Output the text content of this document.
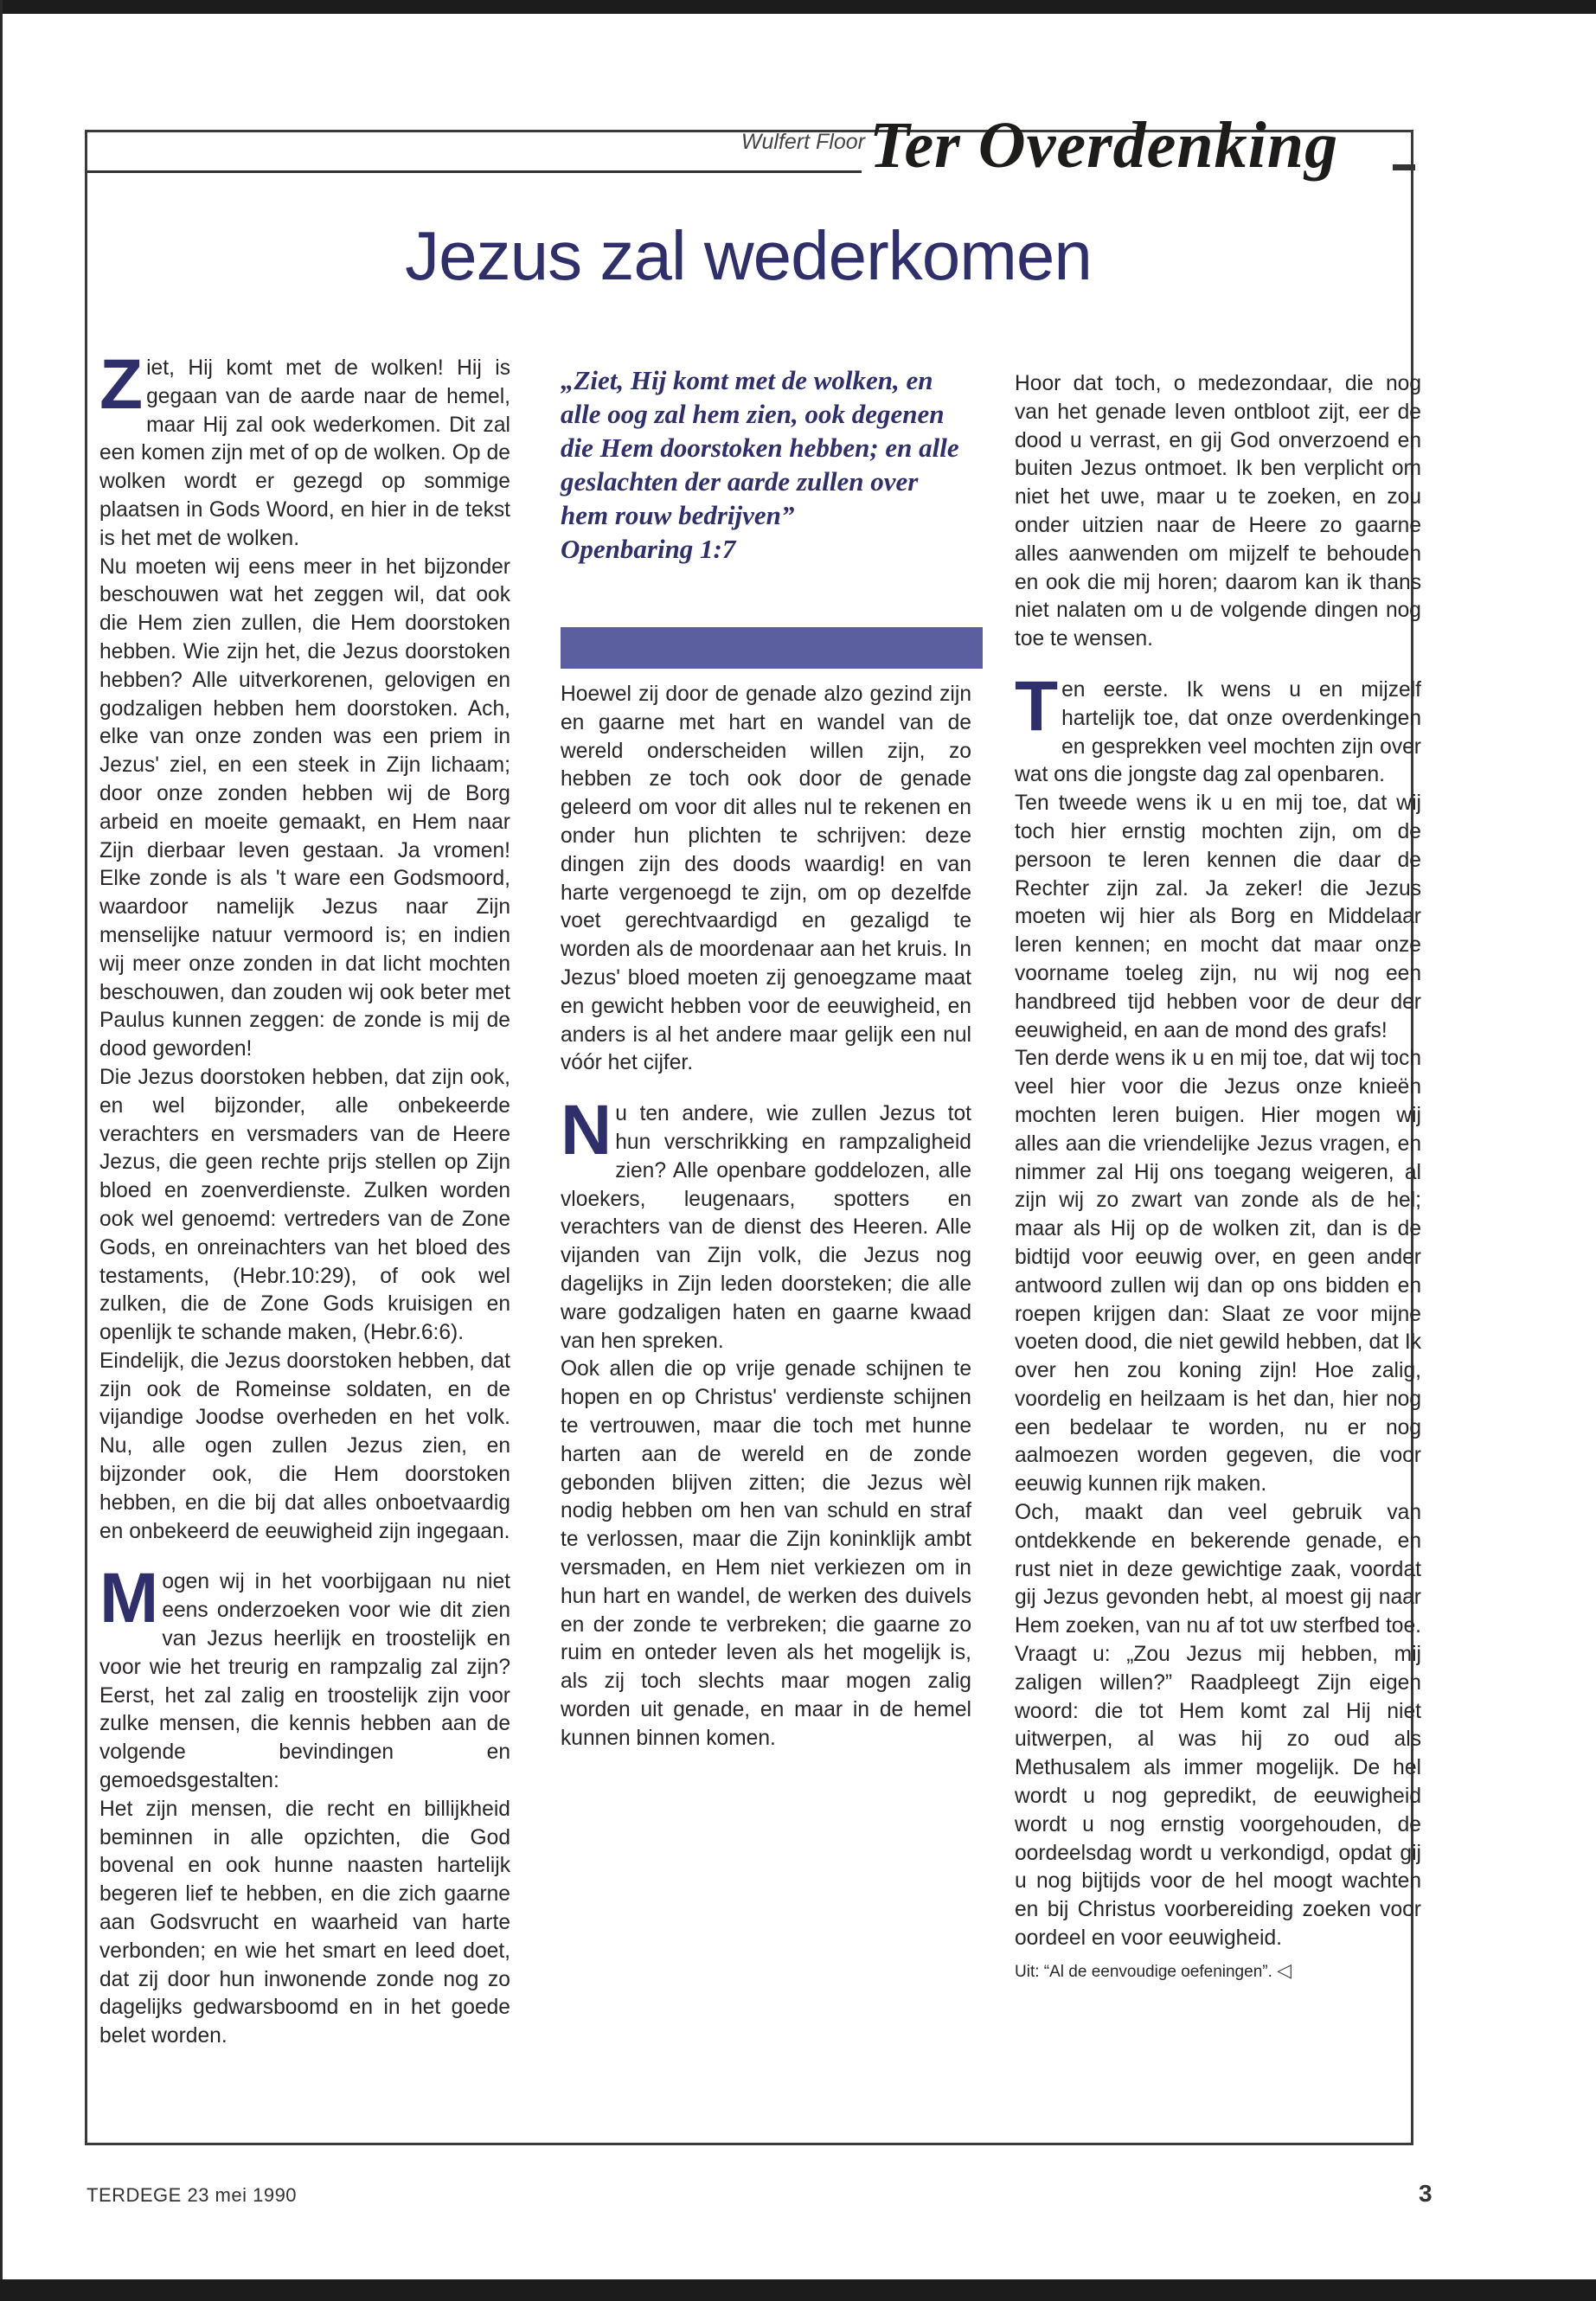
Wulfert Floor Ter Overdenking
Jezus zal wederkomen

Ziet, Hij komt met de wolken! Hij is gegaan van de aarde naar de hemel, maar Hij zal ook wederkomen. Dit zal een komen zijn met of op de wolken. Op de wolken wordt er gezegd op sommige plaatsen in Gods Woord, en hier in de tekst is het met de wolken.

Nu moeten wij eens meer in het bijzonder beschouwen wat het zeggen wil, dat ook die Hem zien zullen, die Hem doorstoken hebben. Wie zijn het, die Jezus doorstoken hebben? Alle uitverkorenen, gelovigen en godzaligen hebben hem doorstoken. Ach, elke van onze zonden was een priem in Jezus' ziel, en een steek in Zijn lichaam; door onze zonden hebben wij de Borg arbeid en moeite gemaakt, en Hem naar Zijn dierbaar leven gestaan. Ja vromen! Elke zonde is als 't ware een Godsmoord, waardoor namelijk Jezus naar Zijn menselijke natuur vermoord is; en indien wij meer onze zonden in dat licht mochten beschouwen, dan zouden wij ook beter met Paulus kunnen zeggen: de zonde is mij de dood geworden!

Die Jezus doorstoken hebben, dat zijn ook, en wel bijzonder, alle onbekeerde verachters en versmaders van de Heere Jezus, die geen rechte prijs stellen op Zijn bloed en zoenverdienste. Zulken worden ook wel genoemd: vertreders van de Zone Gods, en onreinachters van het bloed des testaments, (Hebr.10:29), of ook wel zulken, die de Zone Gods kruisigen en openlijk te schande maken, (Hebr.6:6).

Eindelijk, die Jezus doorstoken hebben, dat zijn ook de Romeinse soldaten, en de vijandige Joodse overheden en het volk. Nu, alle ogen zullen Jezus zien, en bijzonder ook, die Hem doorstoken hebben, en die bij dat alles onboetvaardig en onbekeerd de eeuwigheid zijn ingegaan.

Mogen wij in het voorbijgaan nu niet eens onderzoeken voor wie dit zien van Jezus heerlijk en troostelijk en voor wie het treurig en rampzalig zal zijn? Eerst, het zal zalig en troostelijk zijn voor zulke mensen, die kennis hebben aan de volgende bevindingen en gemoedsgestalten:

Het zijn mensen, die recht en billijkheid beminnen in alle opzichten, die God bovenal en ook hunne naasten hartelijk begeren lief te hebben, en die zich gaarne aan Godsvrucht en waarheid van harte verbonden; en wie het smart en leed doet, dat zij door hun inwonende zonde nog zo dagelijks gedwarsboomd en in het goede belet worden.

„Ziet, Hij komt met de wolken, en alle oog zal hem zien, ook degenen die Hem doorstoken hebben; en alle geslachten der aarde zullen over hem rouw bedrijven”
Openbaring 1:7

Hoewel zij door de genade alzo gezind zijn en gaarne met hart en wandel van de wereld onderscheiden willen zijn, zo hebben ze toch ook door de genade geleerd om voor dit alles nul te rekenen en onder hun plichten te schrijven: deze dingen zijn des doods waardig! en van harte vergenoegd te zijn, om op dezelfde voet gerechtvaardigd en gezaligd te worden als de moordenaar aan het kruis. In Jezus' bloed moeten zij genoegzame maat en gewicht hebben voor de eeuwigheid, en anders is al het andere maar gelijk een nul vóór het cijfer.

Nu ten andere, wie zullen Jezus tot hun verschrikking en rampzaligheid zien? Alle openbare goddelozen, alle vloekers, leugenaars, spotters en verachters van de dienst des Heeren. Alle vijanden van Zijn volk, die Jezus nog dagelijks in Zijn leden doorsteken; die alle ware godzaligen haten en gaarne kwaad van hen spreken.

Ook allen die op vrije genade schijnen te hopen en op Christus' verdienste schijnen te vertrouwen, maar die toch met hunne harten aan de wereld en de zonde gebonden blijven zitten; die Jezus wèl nodig hebben om hen van schuld en straf te verlossen, maar die Zijn koninklijk ambt versmaden, en Hem niet verkiezen om in hun hart en wandel, de werken des duivels en der zonde te verbreken; die gaarne zo ruim en onteder leven als het mogelijk is, als zij toch slechts maar mogen zalig worden uit genade, en maar in de hemel kunnen binnen komen.

Hoor dat toch, o medezondaar, die nog van het genade leven ontbloot zijt, eer de dood u verrast, en gij God onverzoend en buiten Jezus ontmoet. Ik ben verplicht om niet het uwe, maar u te zoeken, en zou onder uitzien naar de Heere zo gaarne alles aanwenden om mijzelf te behouden en ook die mij horen; daarom kan ik thans niet nalaten om u de volgende dingen nog toe te wensen.

Ten eerste. Ik wens u en mijzelf hartelijk toe, dat onze overdenkingen en gesprekken veel mochten zijn over wat ons die jongste dag zal openbaren.

Ten tweede wens ik u en mij toe, dat wij toch hier ernstig mochten zijn, om de persoon te leren kennen die daar de Rechter zijn zal. Ja zeker! die Jezus moeten wij hier als Borg en Middelaar leren kennen; en mocht dat maar onze voorname toeleg zijn, nu wij nog een handbreed tijd hebben voor de deur der eeuwigheid, en aan de mond des grafs!

Ten derde wens ik u en mij toe, dat wij toch veel hier voor die Jezus onze knieën mochten leren buigen. Hier mogen wij alles aan die vriendelijke Jezus vragen, en nimmer zal Hij ons toegang weigeren, al zijn wij zo zwart van zonde als de hel; maar als Hij op de wolken zit, dan is de bidtijd voor eeuwig over, en geen ander antwoord zullen wij dan op ons bidden en roepen krijgen dan: Slaat ze voor mijne voeten dood, die niet gewild hebben, dat Ik over hen zou koning zijn! Hoe zalig, voordelig en heilzaam is het dan, hier nog een bedelaar te worden, nu er nog aalmoezen worden gegeven, die voor eeuwig kunnen rijk maken.

Och, maakt dan veel gebruik van ontdekkende en bekerende genade, en rust niet in deze gewichtige zaak, voordat gij Jezus gevonden hebt, al moest gij naar Hem zoeken, van nu af tot uw sterfbed toe. Vraagt u: „Zou Jezus mij hebben, mij zaligen willen?” Raadpleegt Zijn eigen woord: die tot Hem komt zal Hij niet uitwerpen, al was hij zo oud als Methusalem als immer mogelijk. De hel wordt u nog gepredikt, de eeuwigheid wordt u nog ernstig voorgehouden, de oordeelsdag wordt u verkondigd, opdat gij u nog bijtijds voor de hel moogt wachten en bij Christus voorbereiding zoeken voor oordeel en voor eeuwigheid.

Uit: “Al de eenvoudige oefeningen”. ◁

TERDEGE 23 mei 1990	3
